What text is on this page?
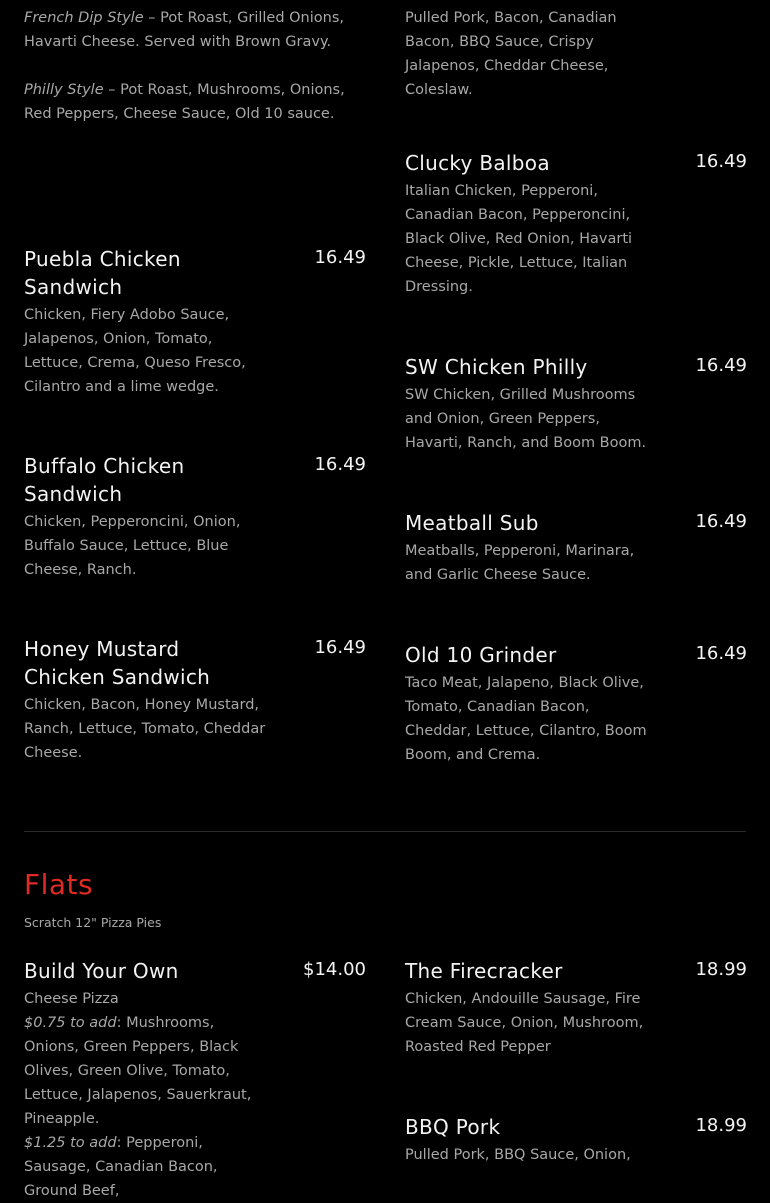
French Dip Style – Pot Roast, Grilled Onions, Havarti Cheese. Served with Brown Gravy.
Philly Style – Pot Roast, Mushrooms, Onions, Red Peppers, Cheese Sauce, Old 10 sauce.
Pulled Pork, Bacon, Canadian Bacon, BBQ Sauce, Crispy Jalapenos, Cheddar Cheese, Coleslaw.
Puebla Chicken Sandwich
16.49
Chicken, Fiery Adobo Sauce, Jalapenos, Onion, Tomato, Lettuce, Crema, Queso Fresco, Cilantro and a lime wedge.
Buffalo Chicken Sandwich
16.49
Chicken, Pepperoncini, Onion, Buffalo Sauce, Lettuce, Blue Cheese, Ranch.
Honey Mustard Chicken Sandwich
16.49
Chicken, Bacon, Honey Mustard, Ranch, Lettuce, Tomato, Cheddar Cheese.
Clucky Balboa	16.49
Italian Chicken, Pepperoni, Canadian Bacon, Pepperoncini, Black Olive, Red Onion, Havarti Cheese, Pickle, Lettuce, Italian Dressing.
SW Chicken Philly	16.49
SW Chicken, Grilled Mushrooms and Onion, Green Peppers, Havarti, Ranch, and Boom Boom.
Meatball Sub	16.49
Meatballs, Pepperoni, Marinara, and Garlic Cheese Sauce.
Old 10 Grinder	16.49
Taco Meat, Jalapeno, Black Olive, Tomato, Canadian Bacon, Cheddar, Lettuce, Cilantro, Boom Boom, and Crema.
Flats
Scratch 12" Pizza Pies
Build Your Own	$14.00
Cheese Pizza
$0.75 to add: Mushrooms, Onions, Green Peppers, Black Olives, Green Olive, Tomato, Lettuce, Jalapenos, Sauerkraut, Pineapple.
$1.25 to add: Pepperoni, Sausage, Canadian Bacon, Ground Beef,
The Firecracker	18.99
Chicken, Andouille Sausage, Fire Cream Sauce, Onion, Mushroom, Roasted Red Pepper
BBQ Pork	18.99
Pulled Pork, BBQ Sauce, Onion,
